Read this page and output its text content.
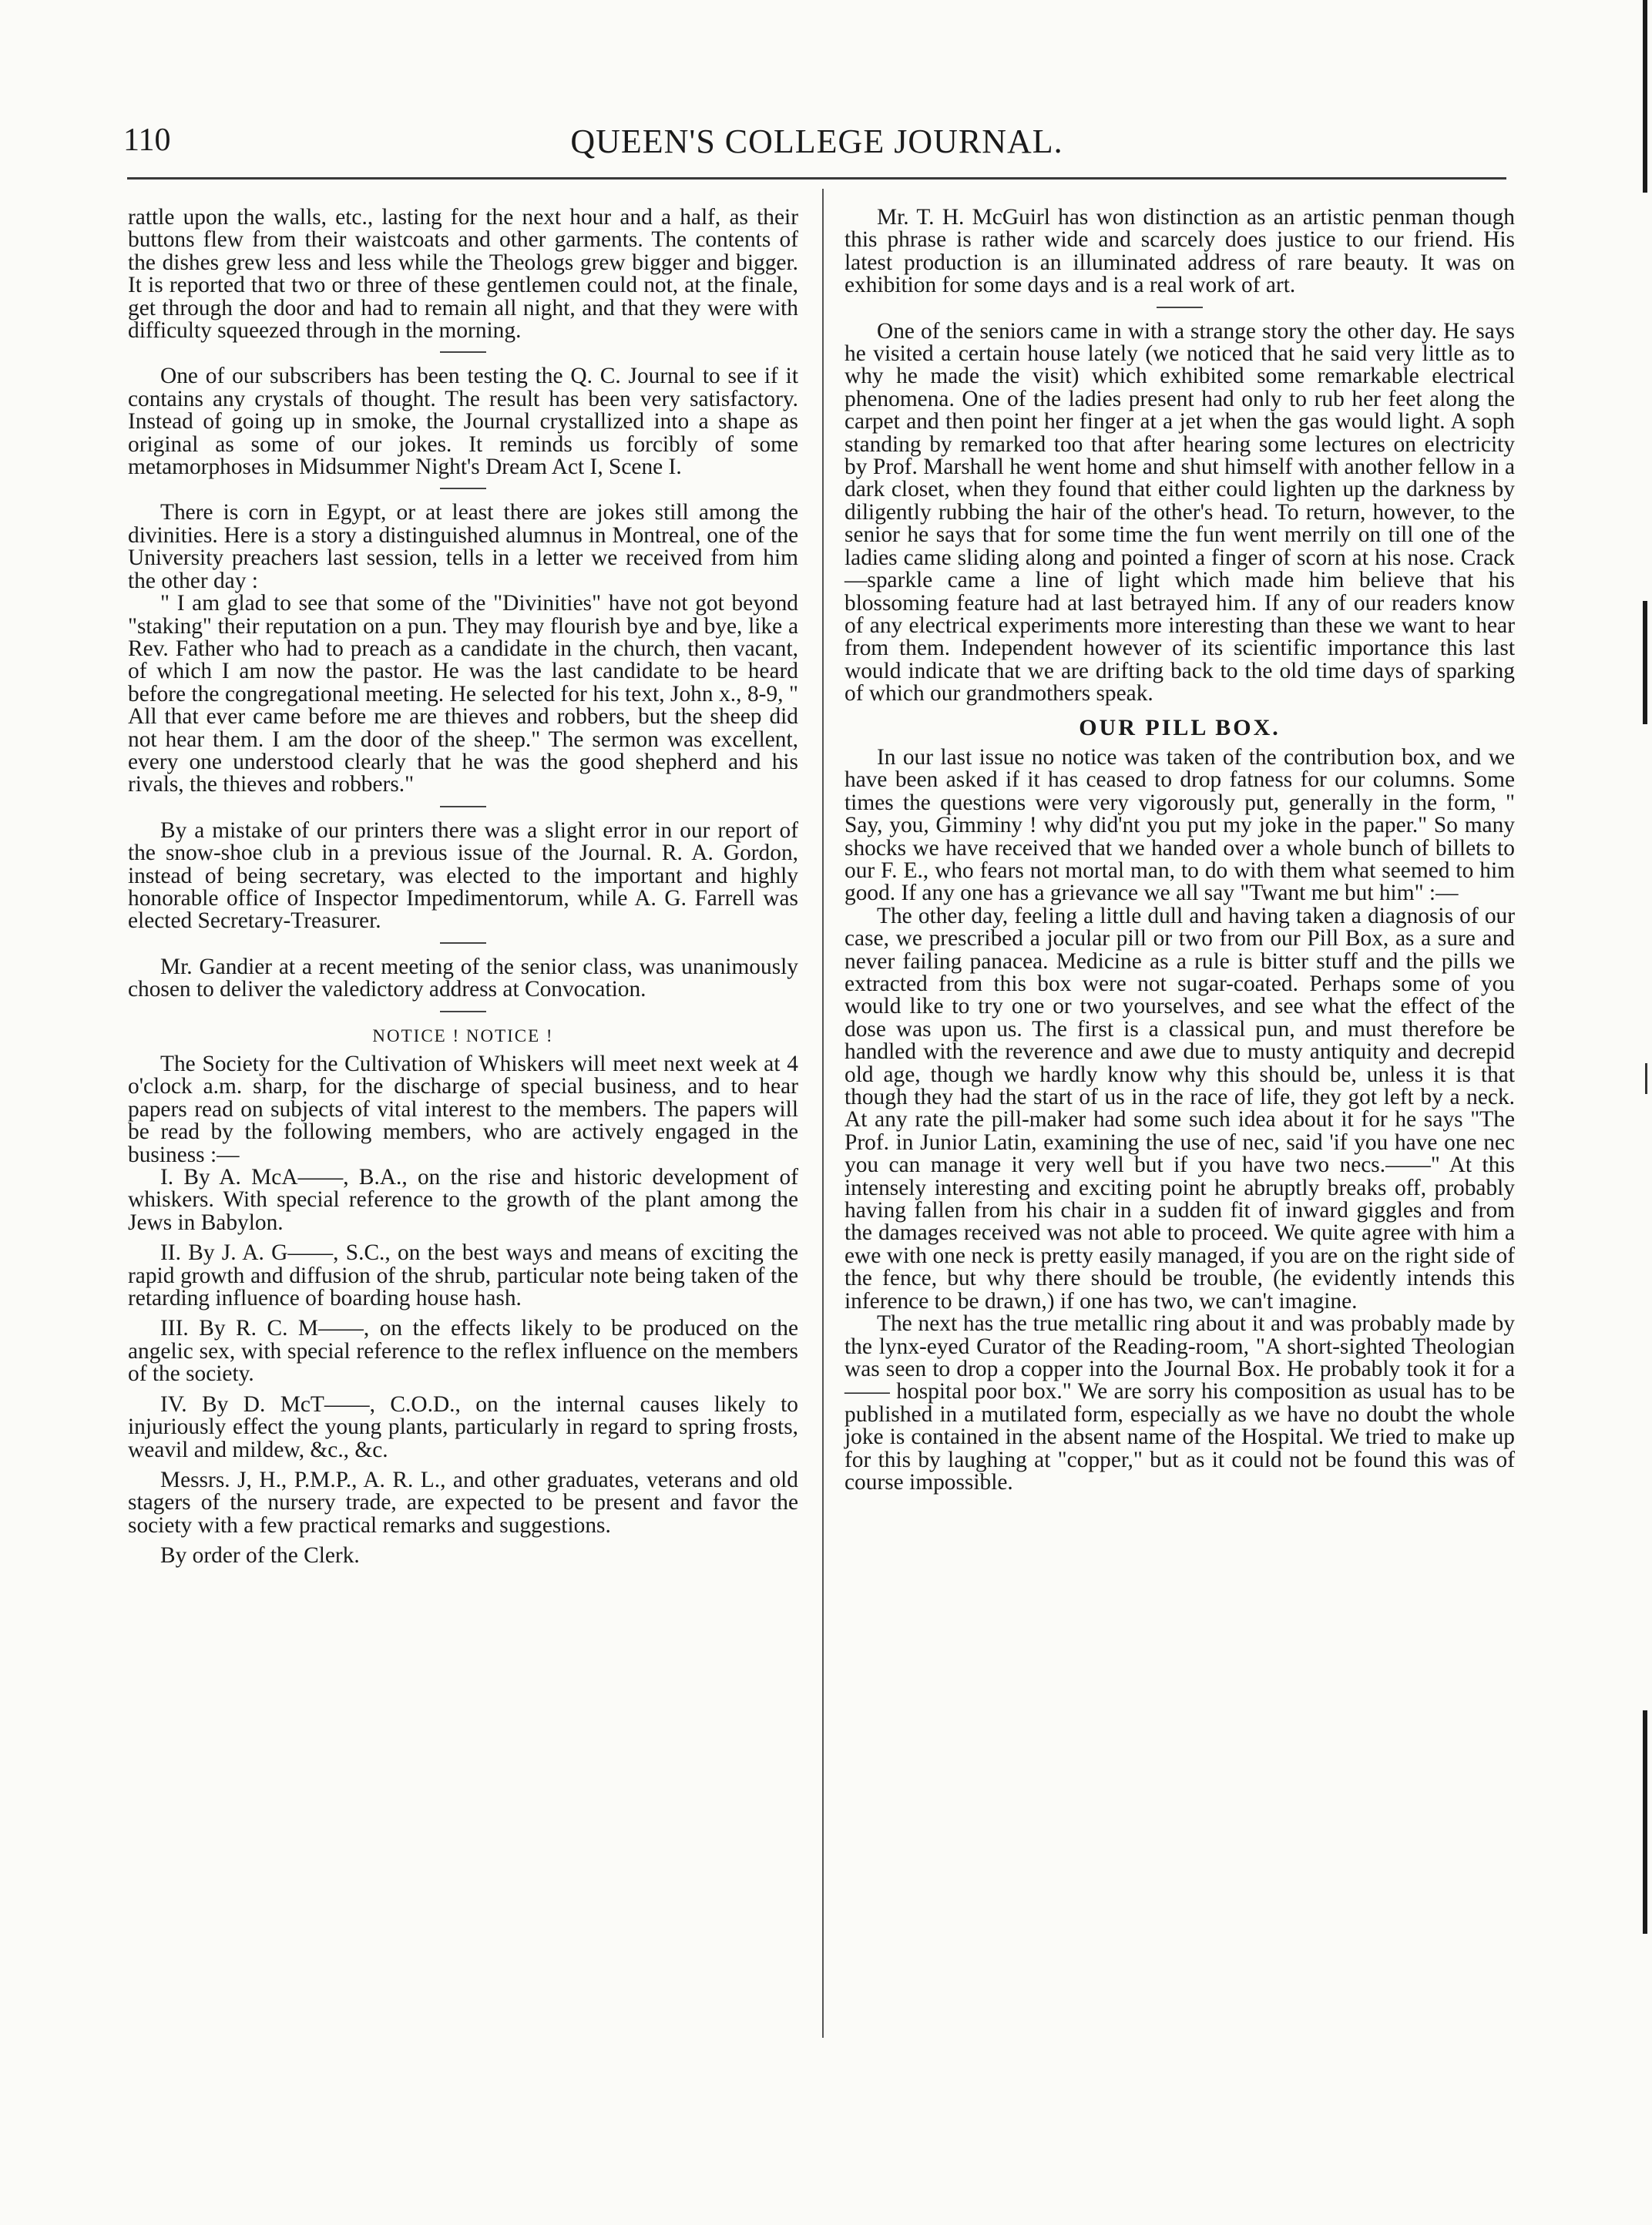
110	QUEEN'S COLLEGE JOURNAL.

rattle upon the walls, etc., lasting for the next hour and a half, as their buttons flew from their waistcoats and other garments. The contents of the dishes grew less and less while the Theologs grew bigger and bigger. It is reported that two or three of these gentlemen could not, at the finale, get through the door and had to remain all night, and that they were with difficulty squeezed through in the morning.

One of our subscribers has been testing the Q. C. Journal to see if it contains any crystals of thought. The result has been very satisfactory. Instead of going up in smoke, the Journal crystallized into a shape as original as some of our jokes. It reminds us forcibly of some metamorphoses in Midsummer Night's Dream Act I, Scene I.

There is corn in Egypt, or at least there are jokes still among the divinities. Here is a story a distinguished alumnus in Montreal, one of the University preachers last session, tells in a letter we received from him the other day :

" I am glad to see that some of the "Divinities" have not got beyond "staking" their reputation on a pun. They may flourish bye and bye, like a Rev. Father who had to preach as a candidate in the church, then vacant, of which I am now the pastor. He was the last candidate to be heard before the congregational meeting. He selected for his text, John x., 8-9, " All that ever came before me are thieves and robbers, but the sheep did not hear them. I am the door of the sheep." The sermon was excellent, every one understood clearly that he was the good shepherd and his rivals, the thieves and robbers."

By a mistake of our printers there was a slight error in our report of the snow-shoe club in a previous issue of the Journal. R. A. Gordon, instead of being secretary, was elected to the important and highly honorable office of Inspector Impedimentorum, while A. G. Farrell was elected Secretary-Treasurer.

Mr. Gandier at a recent meeting of the senior class, was unanimously chosen to deliver the valedictory address at Convocation.

NOTICE ! NOTICE !

The Society for the Cultivation of Whiskers will meet next week at 4 o'clock a.m. sharp, for the discharge of special business, and to hear papers read on subjects of vital interest to the members. The papers will be read by the following members, who are actively engaged in the business :—

I. By A. McA——, B.A., on the rise and historic development of whiskers. With special reference to the growth of the plant among the Jews in Babylon.

II. By J. A. G——, S.C., on the best ways and means of exciting the rapid growth and diffusion of the shrub, particular note being taken of the retarding influence of boarding house hash.

III. By R. C. M——, on the effects likely to be produced on the angelic sex, with special reference to the reflex influence on the members of the society.

IV. By D. McT——, C.O.D., on the internal causes likely to injuriously effect the young plants, particularly in regard to spring frosts, weavil and mildew, &c., &c.

Messrs. J, H., P.M.P., A. R. L., and other graduates, veterans and old stagers of the nursery trade, are expected to be present and favor the society with a few practical remarks and suggestions.

By order of the Clerk.

Mr. T. H. McGuirl has won distinction as an artistic penman though this phrase is rather wide and scarcely does justice to our friend. His latest production is an illuminated address of rare beauty. It was on exhibition for some days and is a real work of art.

One of the seniors came in with a strange story the other day. He says he visited a certain house lately (we noticed that he said very little as to why he made the visit) which exhibited some remarkable electrical phenomena. One of the ladies present had only to rub her feet along the carpet and then point her finger at a jet when the gas would light. A soph standing by remarked too that after hearing some lectures on electricity by Prof. Marshall he went home and shut himself with another fellow in a dark closet, when they found that either could lighten up the darkness by diligently rubbing the hair of the other's head. To return, however, to the senior he says that for some time the fun went merrily on till one of the ladies came sliding along and pointed a finger of scorn at his nose. Crack—sparkle came a line of light which made him believe that his blossoming feature had at last betrayed him. If any of our readers know of any electrical experiments more interesting than these we want to hear from them. Independent however of its scientific importance this last would indicate that we are drifting back to the old time days of sparking of which our grandmothers speak.

OUR PILL BOX.

In our last issue no notice was taken of the contribution box, and we have been asked if it has ceased to drop fatness for our columns. Some times the questions were very vigorously put, generally in the form, " Say, you, Gimminy ! why did'nt you put my joke in the paper." So many shocks we have received that we handed over a whole bunch of billets to our F. E., who fears not mortal man, to do with them what seemed to him good. If any one has a grievance we all say "Twant me but him" :—

The other day, feeling a little dull and having taken a diagnosis of our case, we prescribed a jocular pill or two from our Pill Box, as a sure and never failing panacea. Medicine as a rule is bitter stuff and the pills we extracted from this box were not sugar-coated. Perhaps some of you would like to try one or two yourselves, and see what the effect of the dose was upon us. The first is a classical pun, and must therefore be handled with the reverence and awe due to musty antiquity and decrepid old age, though we hardly know why this should be, unless it is that though they had the start of us in the race of life, they got left by a neck. At any rate the pill-maker had some such idea about it for he says "The Prof. in Junior Latin, examining the use of nec, said 'if you have one nec you can manage it very well but if you have two necs.——" At this intensely interesting and exciting point he abruptly breaks off, probably having fallen from his chair in a sudden fit of inward giggles and from the damages received was not able to proceed. We quite agree with him a ewe with one neck is pretty easily managed, if you are on the right side of the fence, but why there should be trouble, (he evidently intends this inference to be drawn,) if one has two, we can't imagine.

The next has the true metallic ring about it and was probably made by the lynx-eyed Curator of the Reading-room, "A short-sighted Theologian was seen to drop a copper into the Journal Box. He probably took it for a—— hospital poor box." We are sorry his composition as usual has to be published in a mutilated form, especially as we have no doubt the whole joke is contained in the absent name of the Hospital. We tried to make up for this by laughing at "copper," but as it could not be found this was of course impossible.
